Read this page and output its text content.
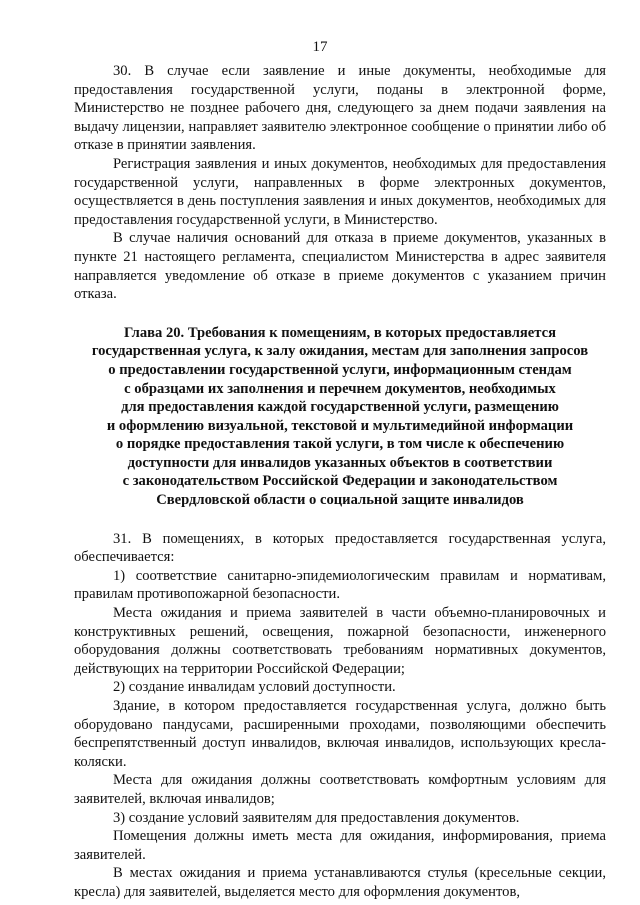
17

30. В случае если заявление и иные документы, необходимые для предоставления государственной услуги, поданы в электронной форме, Министерство не позднее рабочего дня, следующего за днем подачи заявления на выдачу лицензии, направляет заявителю электронное сообщение о принятии либо об отказе в принятии заявления.

Регистрация заявления и иных документов, необходимых для предоставления государственной услуги, направленных в форме электронных документов, осуществляется в день поступления заявления и иных документов, необходимых для предоставления государственной услуги, в Министерство.

В случае наличия оснований для отказа в приеме документов, указанных в пункте 21 настоящего регламента, специалистом Министерства в адрес заявителя направляется уведомление об отказе в приеме документов с указанием причин отказа.

Глава 20. Требования к помещениям, в которых предоставляется
государственная услуга, к залу ожидания, местам для заполнения запросов
о предоставлении государственной услуги, информационным стендам
с образцами их заполнения и перечнем документов, необходимых
для предоставления каждой государственной услуги, размещению
и оформлению визуальной, текстовой и мультимедийной информации
о порядке предоставления такой услуги, в том числе к обеспечению
доступности для инвалидов указанных объектов в соответствии
с законодательством Российской Федерации и законодательством
Свердловской области о социальной защите инвалидов

31. В помещениях, в которых предоставляется государственная услуга, обеспечивается:

1) соответствие санитарно-эпидемиологическим правилам и нормативам, правилам противопожарной безопасности.

Места ожидания и приема заявителей в части объемно-планировочных и конструктивных решений, освещения, пожарной безопасности, инженерного оборудования должны соответствовать требованиям нормативных документов, действующих на территории Российской Федерации;

2) создание инвалидам условий доступности.

Здание, в котором предоставляется государственная услуга, должно быть оборудовано пандусами, расширенными проходами, позволяющими обеспечить беспрепятственный доступ инвалидов, включая инвалидов, использующих кресла-коляски.

Места для ожидания должны соответствовать комфортным условиям для заявителей, включая инвалидов;

3) создание условий заявителям для предоставления документов.

Помещения должны иметь места для ожидания, информирования, приема заявителей.

В местах ожидания и приема устанавливаются стулья (кресельные секции, кресла) для заявителей, выделяется место для оформления документов,
